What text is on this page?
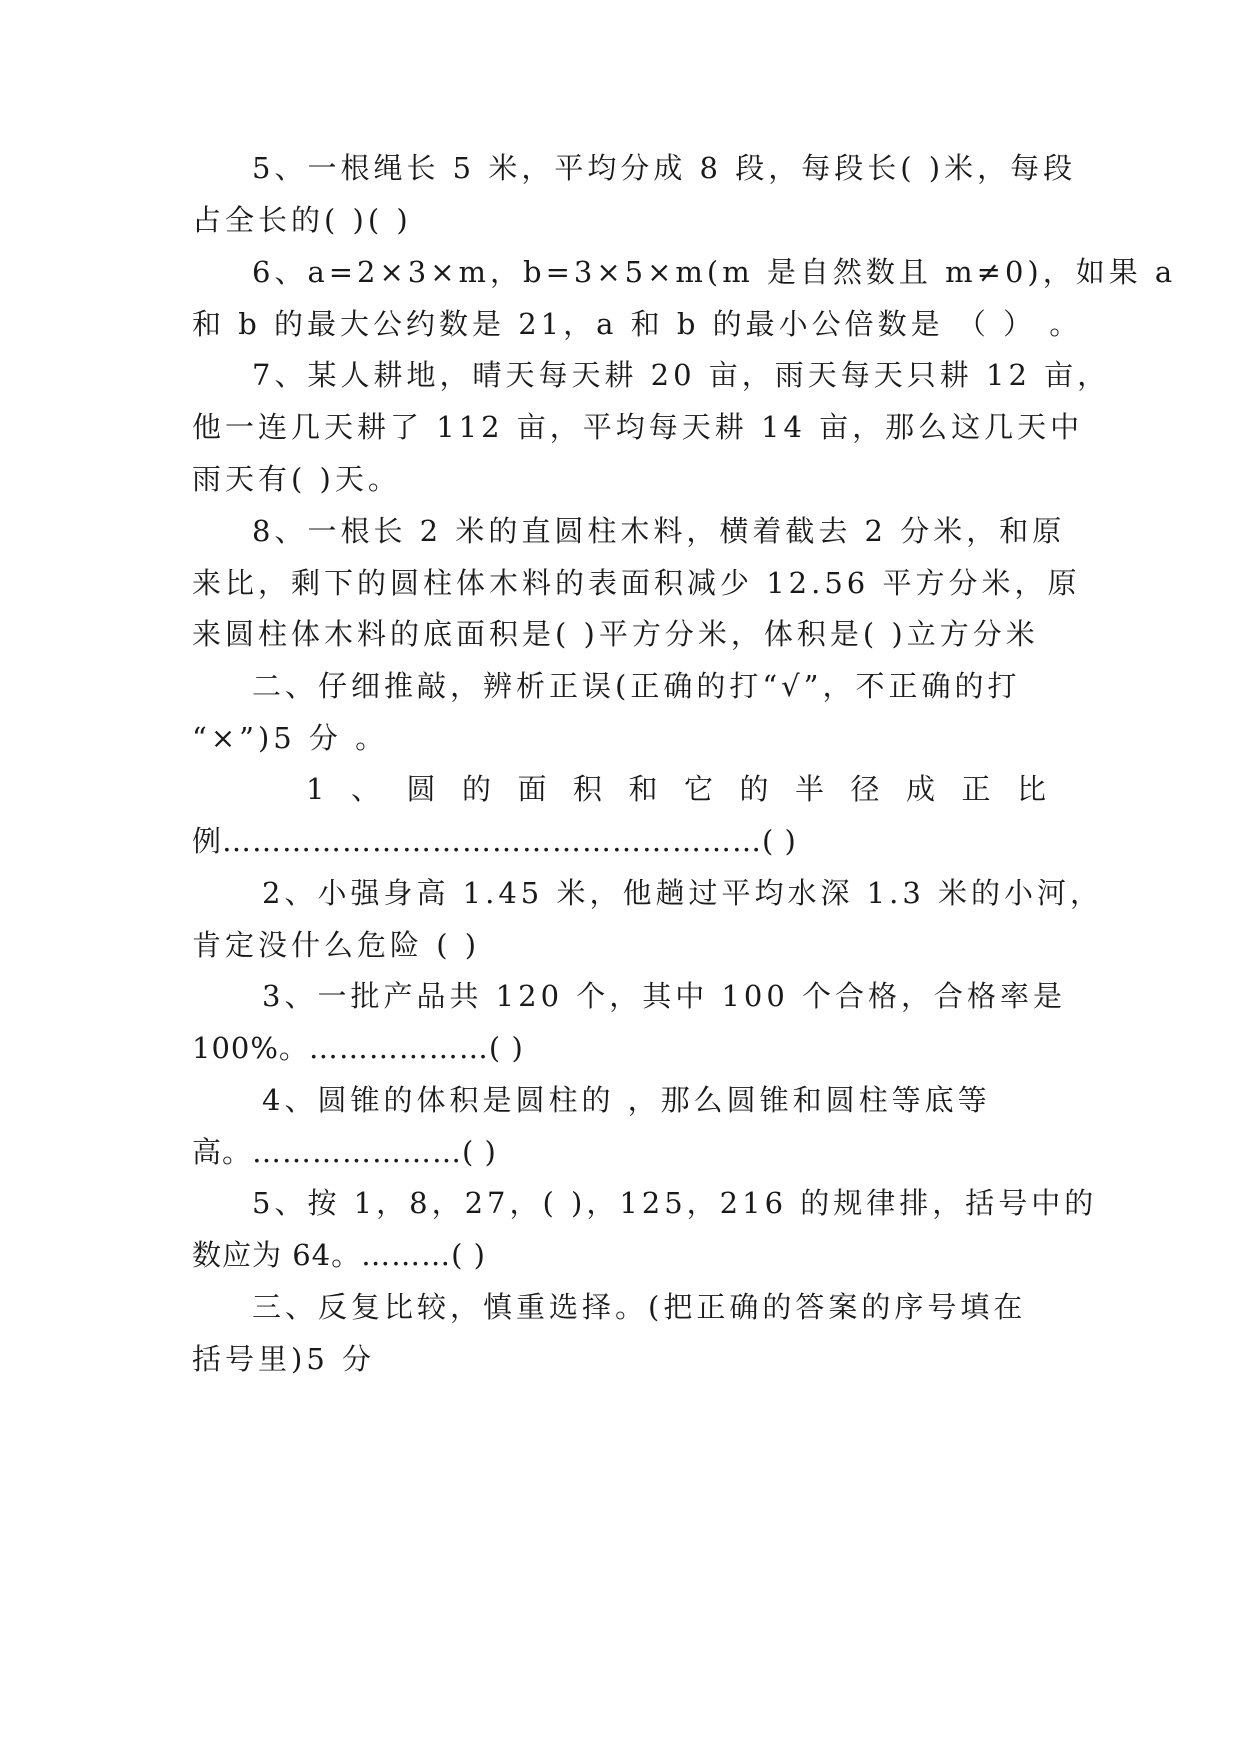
5、一根绳长 5 米，平均分成 8 段，每段长( )米，每段
占全长的( )( )
6、a=2×3×m，b=3×5×m(m 是自然数且 m≠0)，如果 a
和 b 的最大公约数是 21，a 和 b 的最小公倍数是 （ ） 。
7、某人耕地，晴天每天耕 20 亩，雨天每天只耕 12 亩，
他一连几天耕了 112 亩，平均每天耕 14 亩，那么这几天中
雨天有( )天。
8、一根长 2 米的直圆柱木料，横着截去 2 分米，和原
来比，剩下的圆柱体木料的表面积减少 12.56 平方分米，原
来圆柱体木料的底面积是( )平方分米，体积是( )立方分米
二、仔细推敲，辨析正误(正确的打“√”，不正确的打
“×”)5 分 。
1 、 圆 的 面 积 和 它 的 半 径 成 正 比
例………………………………………………( )
2、小强身高 1.45 米，他趟过平均水深 1.3 米的小河，
肯定没什么危险 ( )
3、一批产品共 120 个，其中 100 个合格，合格率是
100%。………………( )
4、圆锥的体积是圆柱的 ，那么圆锥和圆柱等底等
高。…………………( )
5、按 1，8，27，( )，125，216 的规律排，括号中的
数应为 64。………( )
三、反复比较，慎重选择。(把正确的答案的序号填在
括号里)5 分
